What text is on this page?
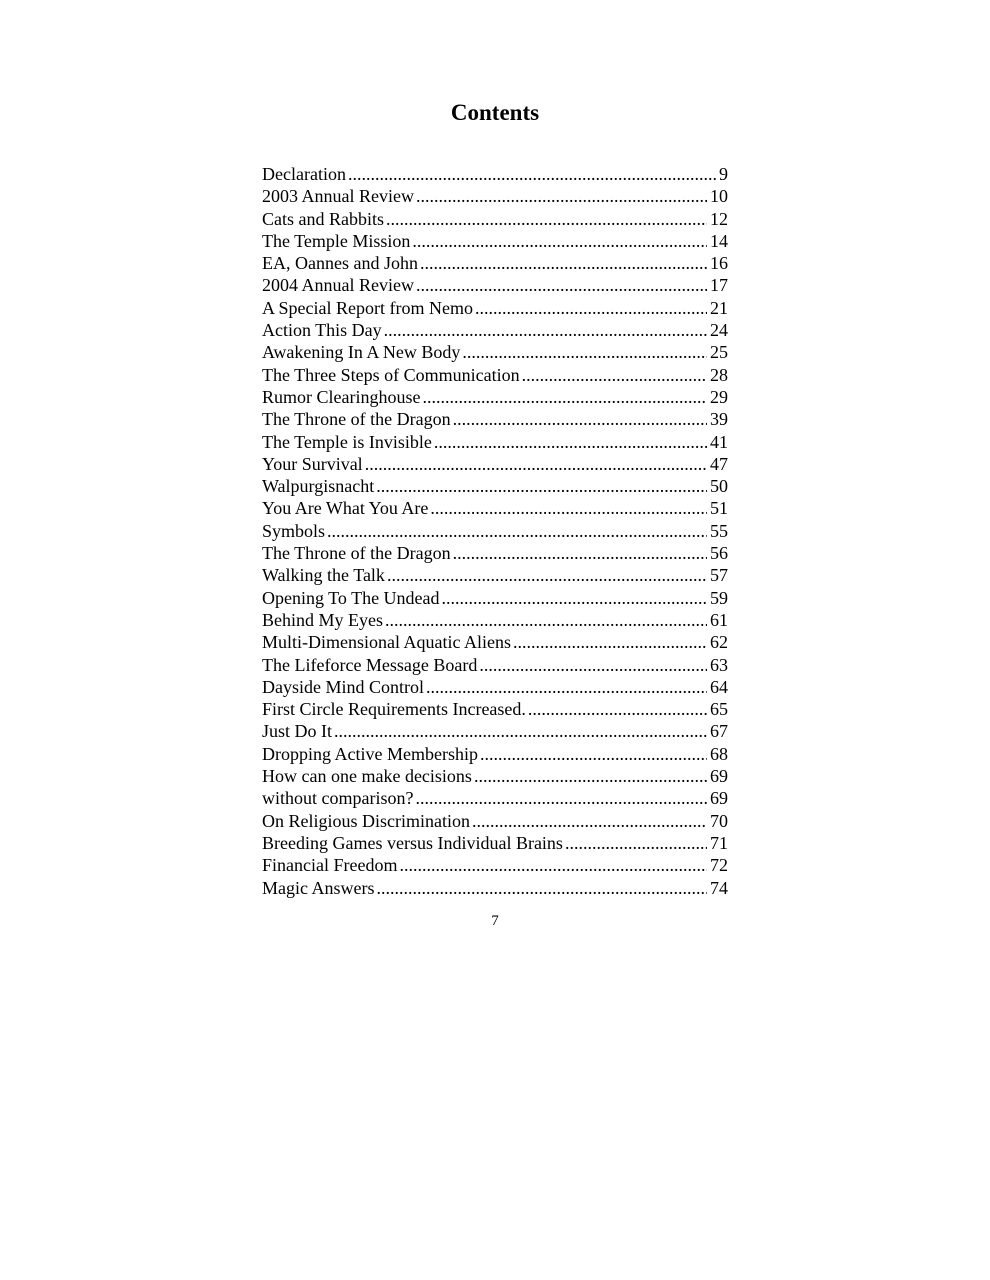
Contents
Declaration .....	9
2003 Annual Review .....	10
Cats and Rabbits .....	12
The Temple Mission .....	14
EA, Oannes and John .....	16
2004 Annual Review .....	17
A Special Report from Nemo .....	21
Action This Day .....	24
Awakening In A New Body .....	25
The Three Steps of Communication .....	28
Rumor Clearinghouse .....	29
The Throne of the Dragon .....	39
The Temple is Invisible .....	41
Your Survival .....	47
Walpurgisnacht .....	50
You Are What You Are .....	51
Symbols .....	55
The Throne of the Dragon .....	56
Walking the Talk .....	57
Opening To The Undead .....	59
Behind My Eyes .....	61
Multi-Dimensional Aquatic Aliens .....	62
The Lifeforce Message Board .....	63
Dayside Mind Control .....	64
First Circle Requirements Increased. .....	65
Just Do It .....	67
Dropping Active Membership .....	68
How can one make decisions .....	69
without comparison? .....	69
On Religious Discrimination .....	70
Breeding Games versus Individual Brains .....	71
Financial Freedom .....	72
Magic Answers .....	74
7
